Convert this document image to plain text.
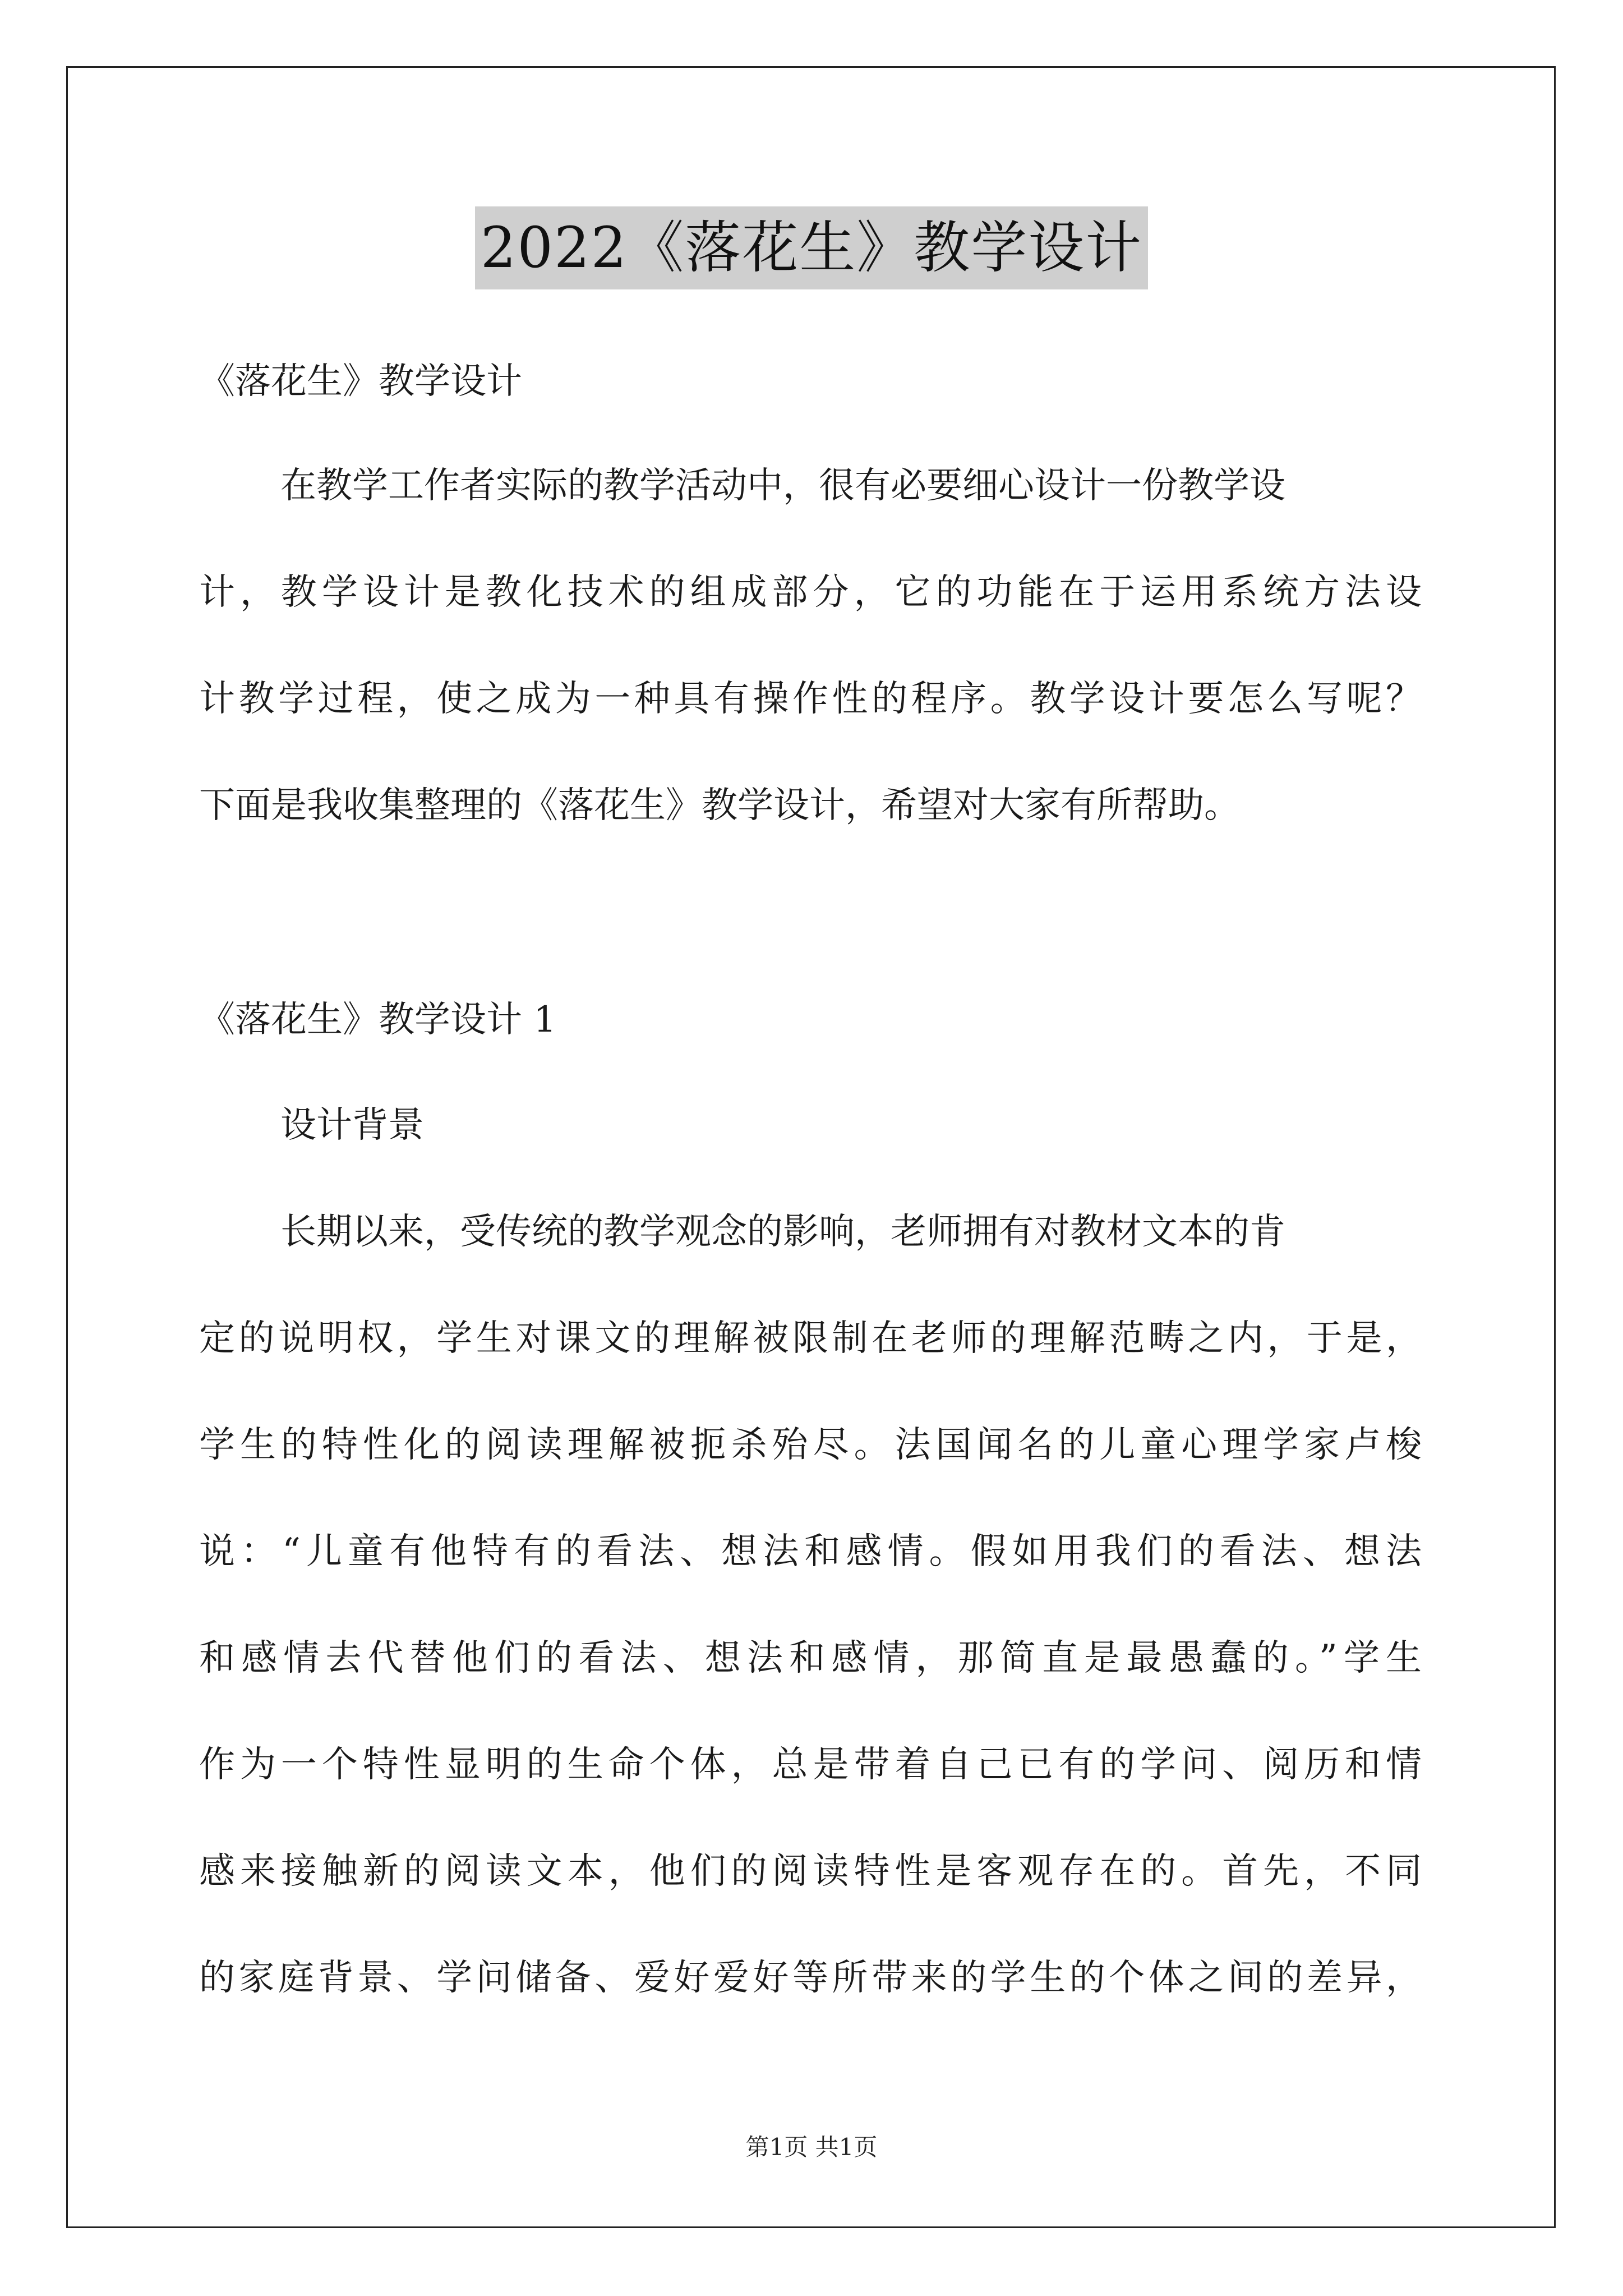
2022《落花生》教学设计
《落花生》教学设计
在教学工作者实际的教学活动中，很有必要细心设计一份教学设
计，教学设计是教化技术的组成部分，它的功能在于运用系统方法设
计教学过程，使之成为一种具有操作性的程序。教学设计要怎么写呢？
下面是我收集整理的《落花生》教学设计，希望对大家有所帮助。
《落花生》教学设计 1
设计背景
长期以来，受传统的教学观念的影响，老师拥有对教材文本的肯
定的说明权，学生对课文的理解被限制在老师的理解范畴之内，于是，
学生的特性化的阅读理解被扼杀殆尽。法国闻名的儿童心理学家卢梭
说：“儿童有他特有的看法、想法和感情。假如用我们的看法、想法
和感情去代替他们的看法、想法和感情，那简直是最愚蠢的。”学生
作为一个特性显明的生命个体，总是带着自己已有的学问、阅历和情
感来接触新的阅读文本，他们的阅读特性是客观存在的。首先，不同
的家庭背景、学问储备、爱好爱好等所带来的学生的个体之间的差异，
第1页 共1页
